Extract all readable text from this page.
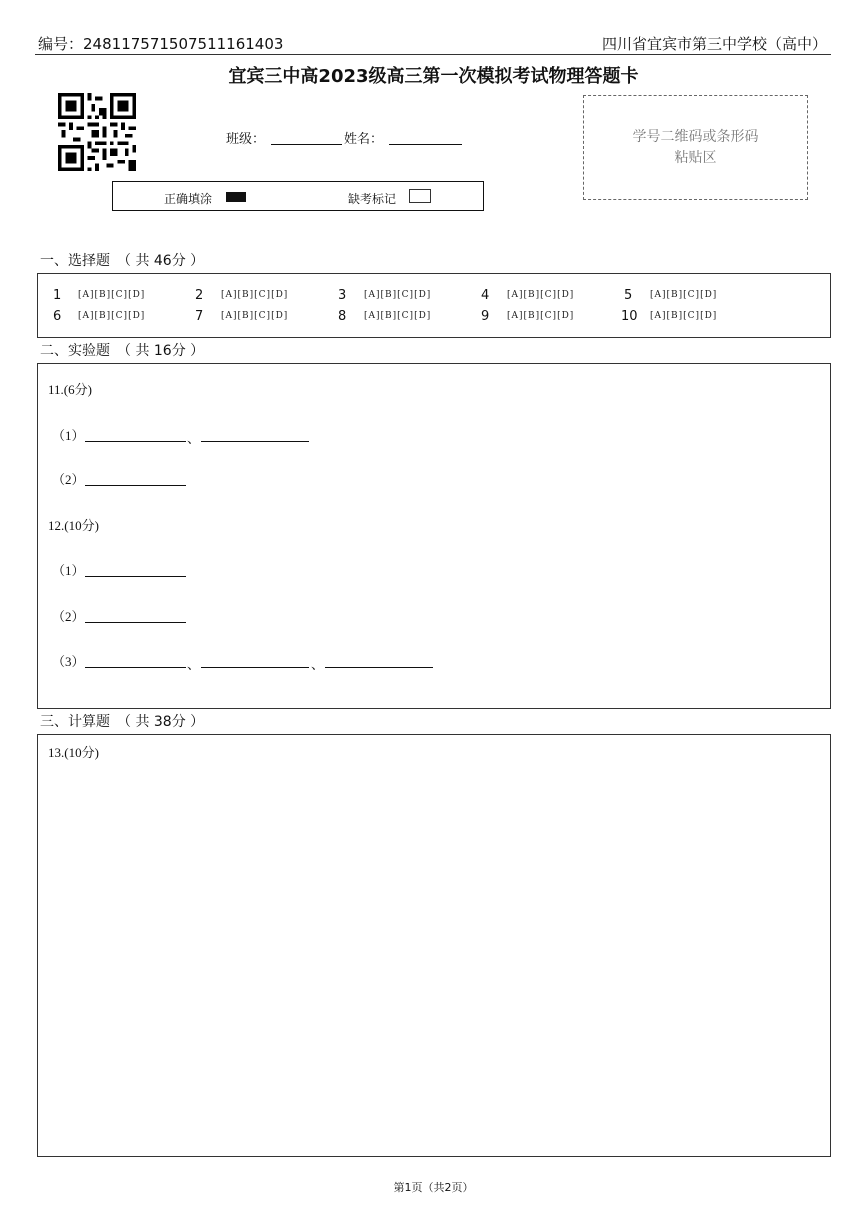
编号：248117571507511161403	四川省宜宾市第三中学校（高中）
宜宾三中高2023级高三第一次模拟考试物理答题卡
班级：	姓名：
正确填涂	缺考标记
学号二维码或条形码
粘贴区
一、选择题　（ 共 46分 ）
1 [A][B][C][D]	2 [A][B][C][D]	3 [A][B][C][D]	4 [A][B][C][D]	5 [A][B][C][D]
6 [A][B][C][D]	7 [A][B][C][D]	8 [A][B][C][D]	9 [A][B][C][D]	10 [A][B][C][D]
二、实验题　（ 共 16分 ）
11.(6分)
（1）	、
（2）
12.(10分)
（1）
（2）
（3）	、	、
三、计算题　（ 共 38分 ）
13.(10分)
第1页（共2页）
